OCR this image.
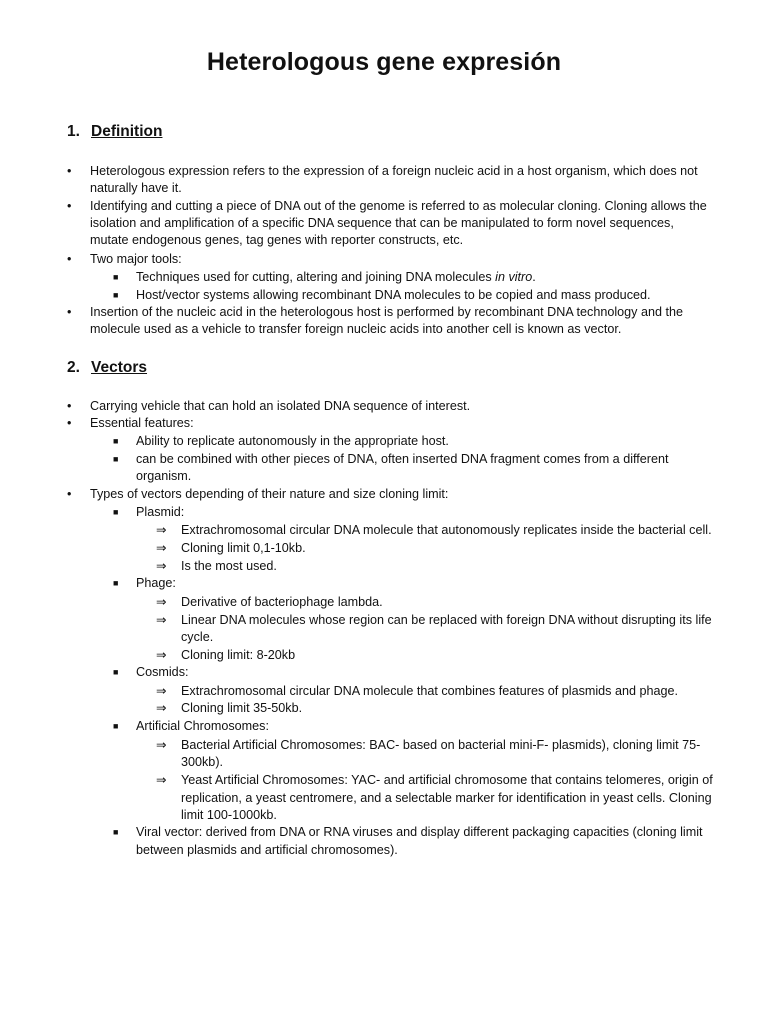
Heterologous gene expresión
1. Definition
• Heterologous expression refers to the expression of a foreign nucleic acid in a host organism, which does not
naturally have it.
• Identifying and cutting a piece of DNA out of the genome is referred to as molecular cloning. Cloning allows the
isolation and amplification of a specific DNA sequence that can be manipulated to form novel sequences,
mutate endogenous genes, tag genes with reporter constructs, etc.
• Two major tools:
■ Techniques used for cutting, altering and joining DNA molecules in vitro.
■ Host/vector systems allowing recombinant DNA molecules to be copied and mass produced.
• Insertion of the nucleic acid in the heterologous host is performed by recombinant DNA technology and the
molecule used as a vehicle to transfer foreign nucleic acids into another cell is known as vector.
2. Vectors
• Carrying vehicle that can hold an isolated DNA sequence of interest.
• Essential features:
■ Ability to replicate autonomously in the appropriate host.
■ can be combined with other pieces of DNA, often inserted DNA fragment comes from a different
organism.
• Types of vectors depending of their nature and size cloning limit:
■ Plasmid:
⇒ Extrachromosomal circular DNA molecule that autonomously replicates inside the bacterial cell.
⇒ Cloning limit 0,1-10kb.
⇒ Is the most used.
■ Phage:
⇒ Derivative of bacteriophage lambda.
⇒ Linear DNA molecules whose region can be replaced with foreign DNA without disrupting its life
cycle.
⇒ Cloning limit: 8-20kb
■ Cosmids:
⇒ Extrachromosomal circular DNA molecule that combines features of plasmids and phage.
⇒ Cloning limit 35-50kb.
■ Artificial Chromosomes:
⇒ Bacterial Artificial Chromosomes: BAC- based on bacterial mini-F- plasmids), cloning limit 75-
300kb).
⇒ Yeast Artificial Chromosomes: YAC- and artificial chromosome that contains telomeres, origin of
replication, a yeast centromere, and a selectable marker for identification in yeast cells. Cloning
limit 100-1000kb.
■ Viral vector: derived from DNA or RNA viruses and display different packaging capacities (cloning limit
between plasmids and artificial chromosomes).
